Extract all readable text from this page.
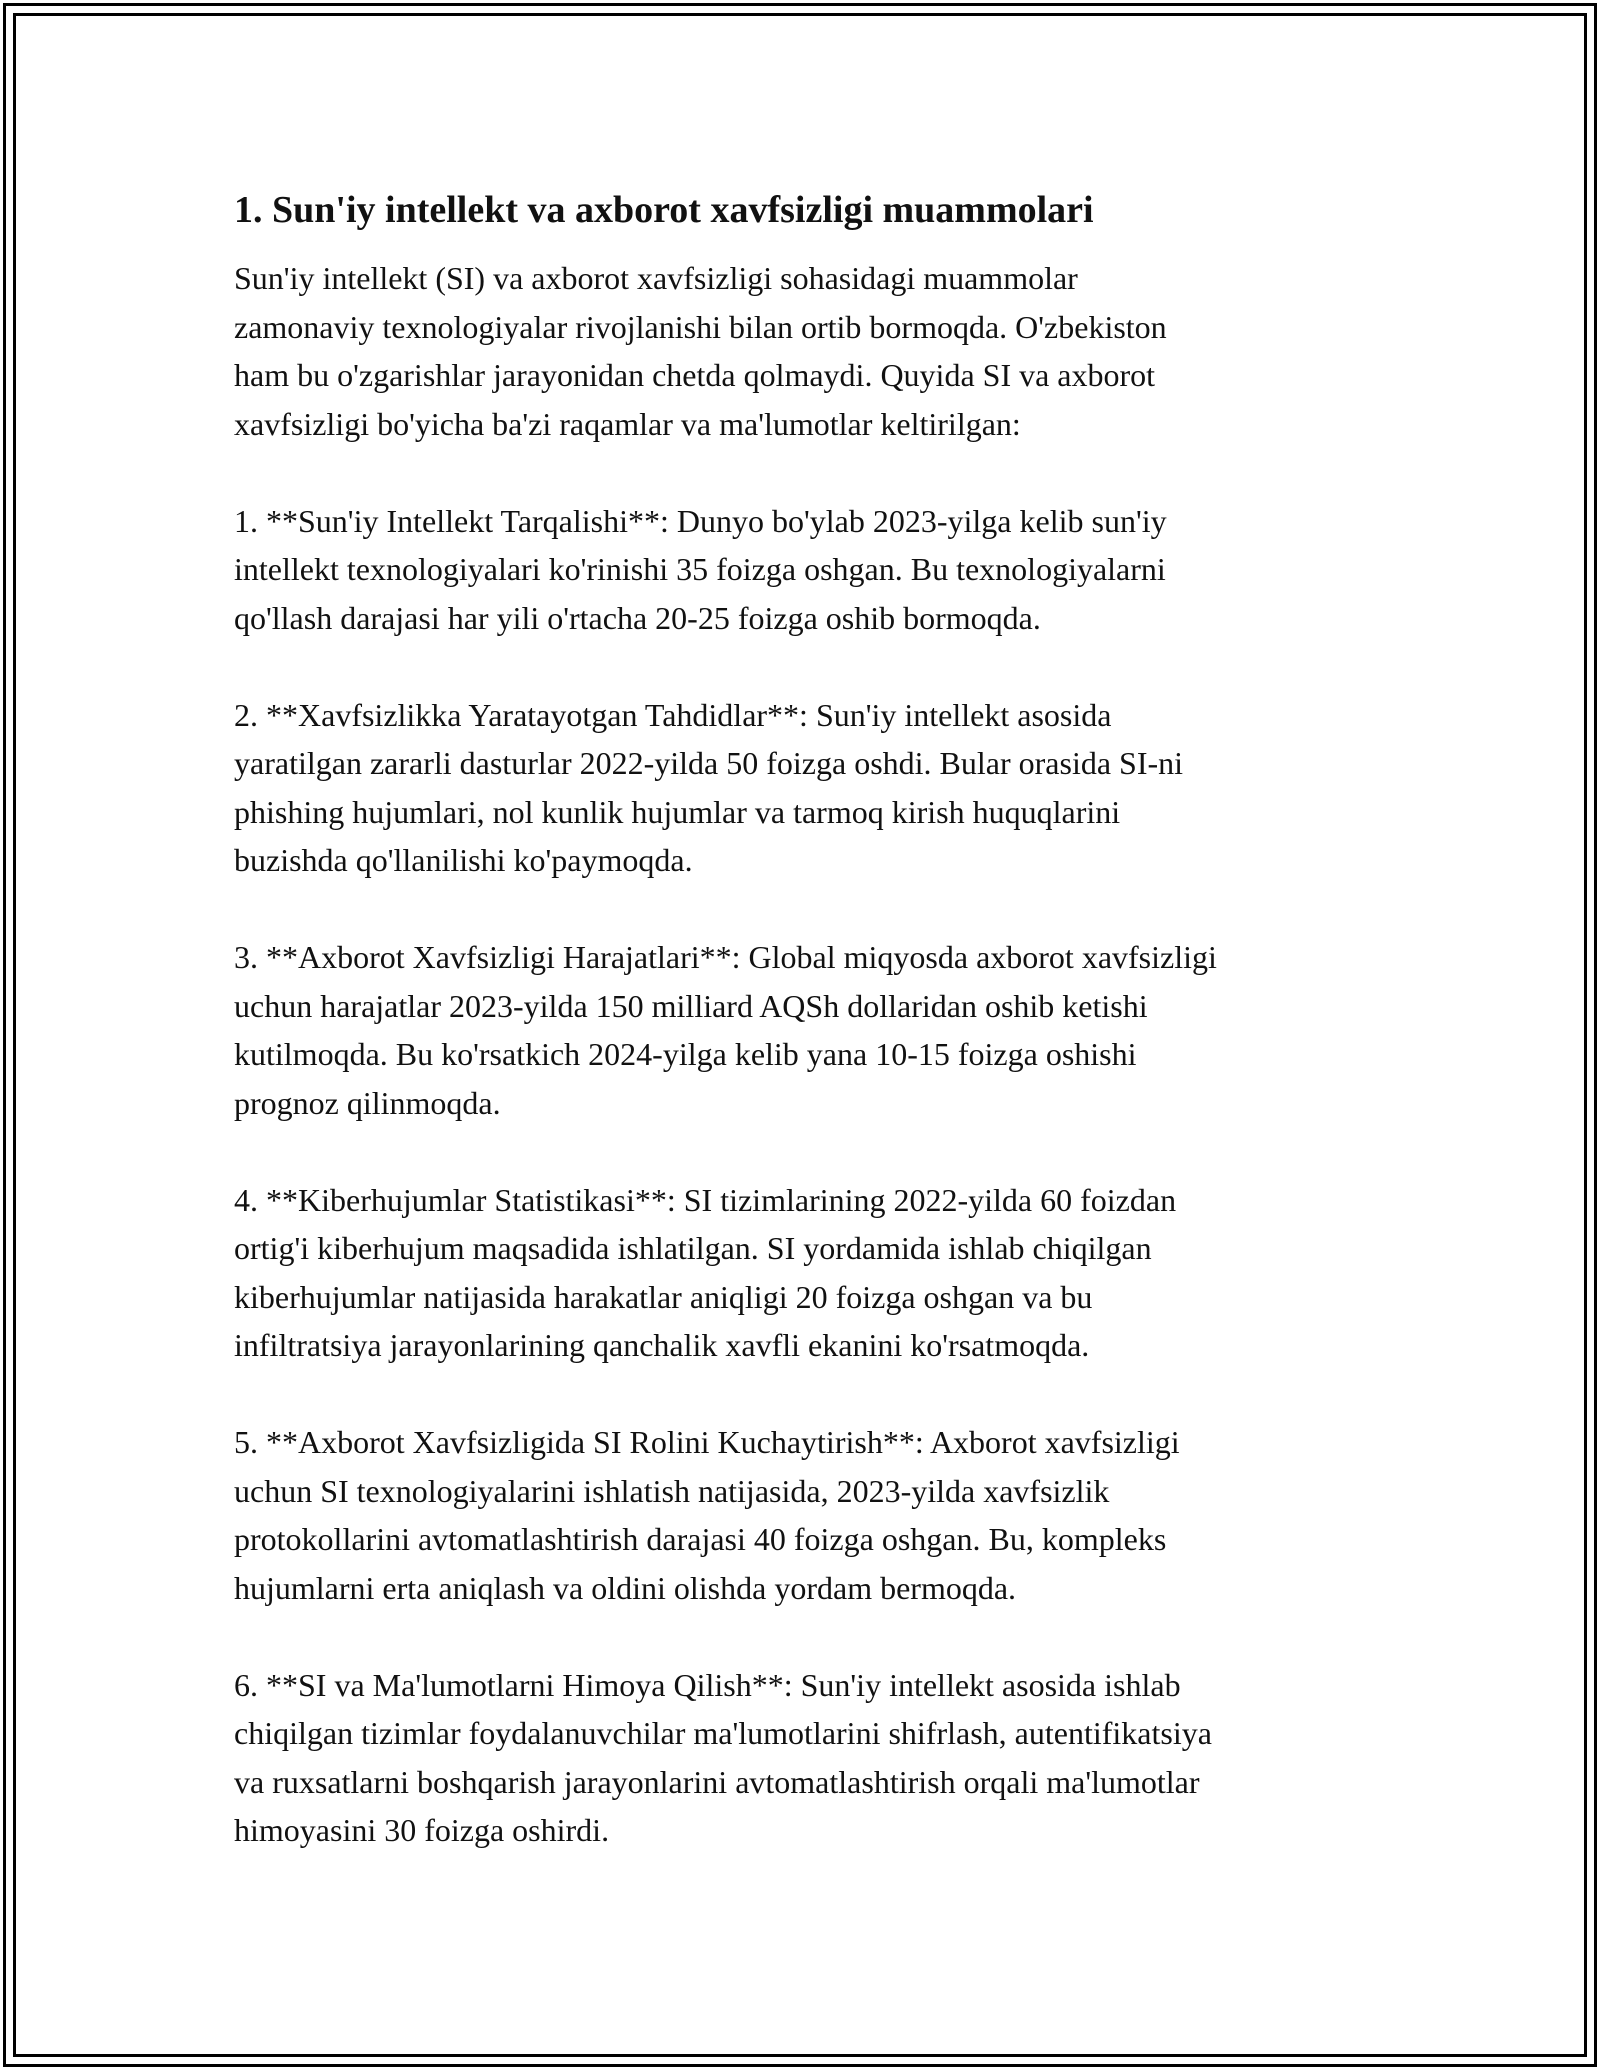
1. Sun'iy intellekt va axborot xavfsizligi muammolari

Sun'iy intellekt (SI) va axborot xavfsizligi sohasidagi muammolar
zamonaviy texnologiyalar rivojlanishi bilan ortib bormoqda. O'zbekiston
ham bu o'zgarishlar jarayonidan chetda qolmaydi. Quyida SI va axborot
xavfsizligi bo'yicha ba'zi raqamlar va ma'lumotlar keltirilgan:

1. **Sun'iy Intellekt Tarqalishi**: Dunyo bo'ylab 2023-yilga kelib sun'iy
intellekt texnologiyalari ko'rinishi 35 foizga oshgan. Bu texnologiyalarni
qo'llash darajasi har yili o'rtacha 20-25 foizga oshib bormoqda.

2. **Xavfsizlikka Yaratayotgan Tahdidlar**: Sun'iy intellekt asosida
yaratilgan zararli dasturlar 2022-yilda 50 foizga oshdi. Bular orasida SI-ni
phishing hujumlari, nol kunlik hujumlar va tarmoq kirish huquqlarini
buzishda qo'llanilishi ko'paymoqda.

3. **Axborot Xavfsizligi Harajatlari**: Global miqyosda axborot xavfsizligi
uchun harajatlar 2023-yilda 150 milliard AQSh dollaridan oshib ketishi
kutilmoqda. Bu ko'rsatkich 2024-yilga kelib yana 10-15 foizga oshishi
prognoz qilinmoqda.

4. **Kiberhujumlar Statistikasi**: SI tizimlarining 2022-yilda 60 foizdan
ortig'i kiberhujum maqsadida ishlatilgan. SI yordamida ishlab chiqilgan
kiberhujumlar natijasida harakatlar aniqligi 20 foizga oshgan va bu
infiltratsiya jarayonlarining qanchalik xavfli ekanini ko'rsatmoqda.

5. **Axborot Xavfsizligida SI Rolini Kuchaytirish**: Axborot xavfsizligi
uchun SI texnologiyalarini ishlatish natijasida, 2023-yilda xavfsizlik
protokollarini avtomatlashtirish darajasi 40 foizga oshgan. Bu, kompleks
hujumlarni erta aniqlash va oldini olishda yordam bermoqda.

6. **SI va Ma'lumotlarni Himoya Qilish**: Sun'iy intellekt asosida ishlab
chiqilgan tizimlar foydalanuvchilar ma'lumotlarini shifrlash, autentifikatsiya
va ruxsatlarni boshqarish jarayonlarini avtomatlashtirish orqali ma'lumotlar
himoyasini 30 foizga oshirdi.
